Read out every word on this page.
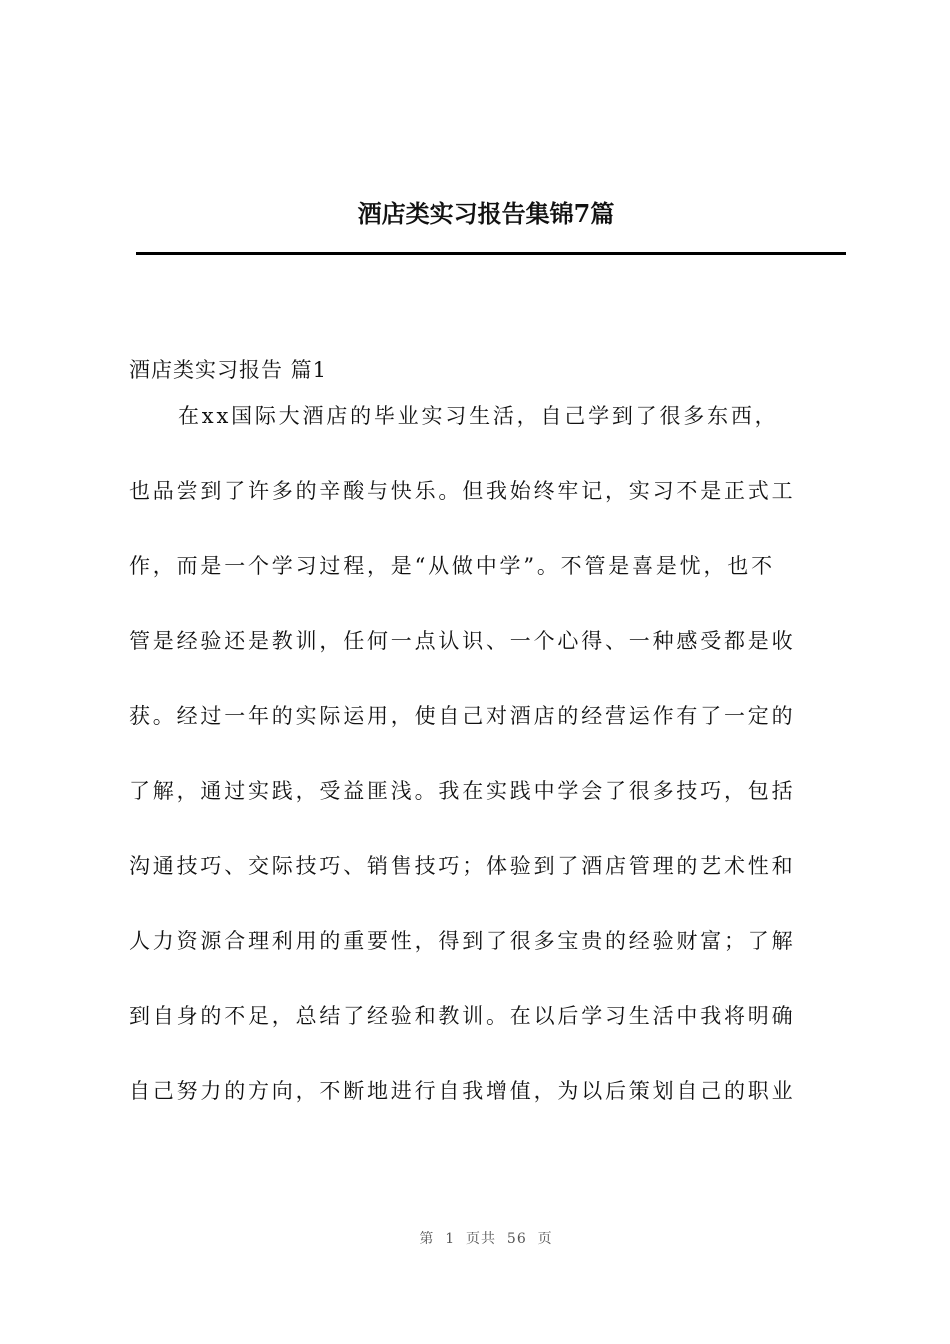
酒店类实习报告集锦7篇
酒店类实习报告 篇1
在xx国际大酒店的毕业实习生活，自己学到了很多东西，
也品尝到了许多的辛酸与快乐。但我始终牢记，实习不是正式工
作，而是一个学习过程，是“从做中学”。不管是喜是忧，也不
管是经验还是教训，任何一点认识、一个心得、一种感受都是收
获。经过一年的实际运用，使自己对酒店的经营运作有了一定的
了解，通过实践，受益匪浅。我在实践中学会了很多技巧，包括
沟通技巧、交际技巧、销售技巧；体验到了酒店管理的艺术性和
人力资源合理利用的重要性，得到了很多宝贵的经验财富；了解
到自身的不足，总结了经验和教训。在以后学习生活中我将明确
自己努力的方向，不断地进行自我增值，为以后策划自己的职业
第  1  页共  56  页
